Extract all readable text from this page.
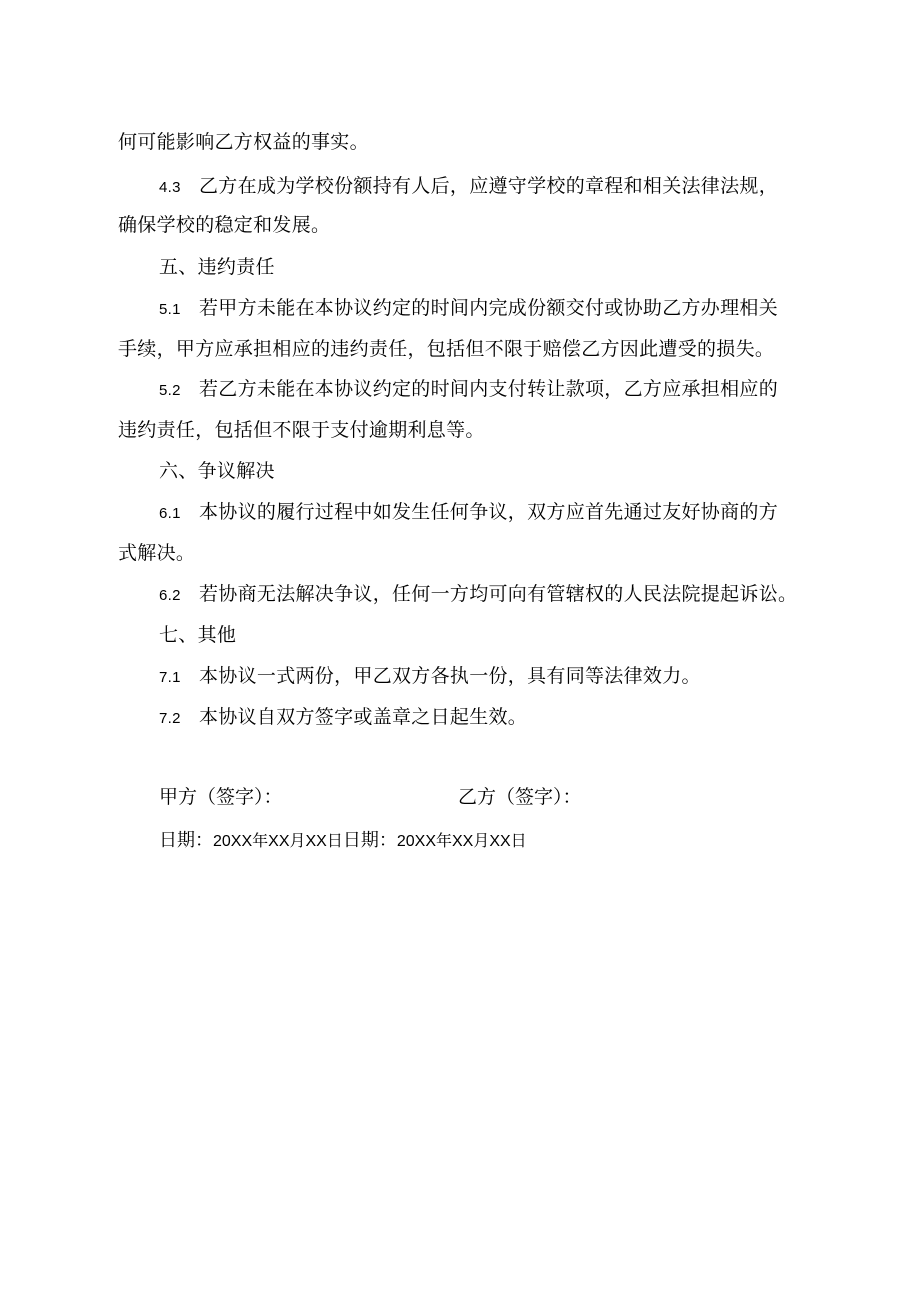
何可能影响乙方权益的事实。
4.3 乙方在成为学校份额持有人后，应遵守学校的章程和相关法律法规，
确保学校的稳定和发展。
五、违约责任
5.1 若甲方未能在本协议约定的时间内完成份额交付或协助乙方办理相关
手续，甲方应承担相应的违约责任，包括但不限于赔偿乙方因此遭受的损失。
5.2 若乙方未能在本协议约定的时间内支付转让款项，乙方应承担相应的
违约责任，包括但不限于支付逾期利息等。
六、争议解决
6.1 本协议的履行过程中如发生任何争议，双方应首先通过友好协商的方
式解决。
6.2 若协商无法解决争议，任何一方均可向有管辖权的人民法院提起诉讼。
七、其他
7.1 本协议一式两份，甲乙双方各执一份，具有同等法律效力。
7.2 本协议自双方签字或盖章之日起生效。
甲方（签字）：	乙方（签字）：
日期：20XX年XX月XX日日期：20XX年XX月XX日
